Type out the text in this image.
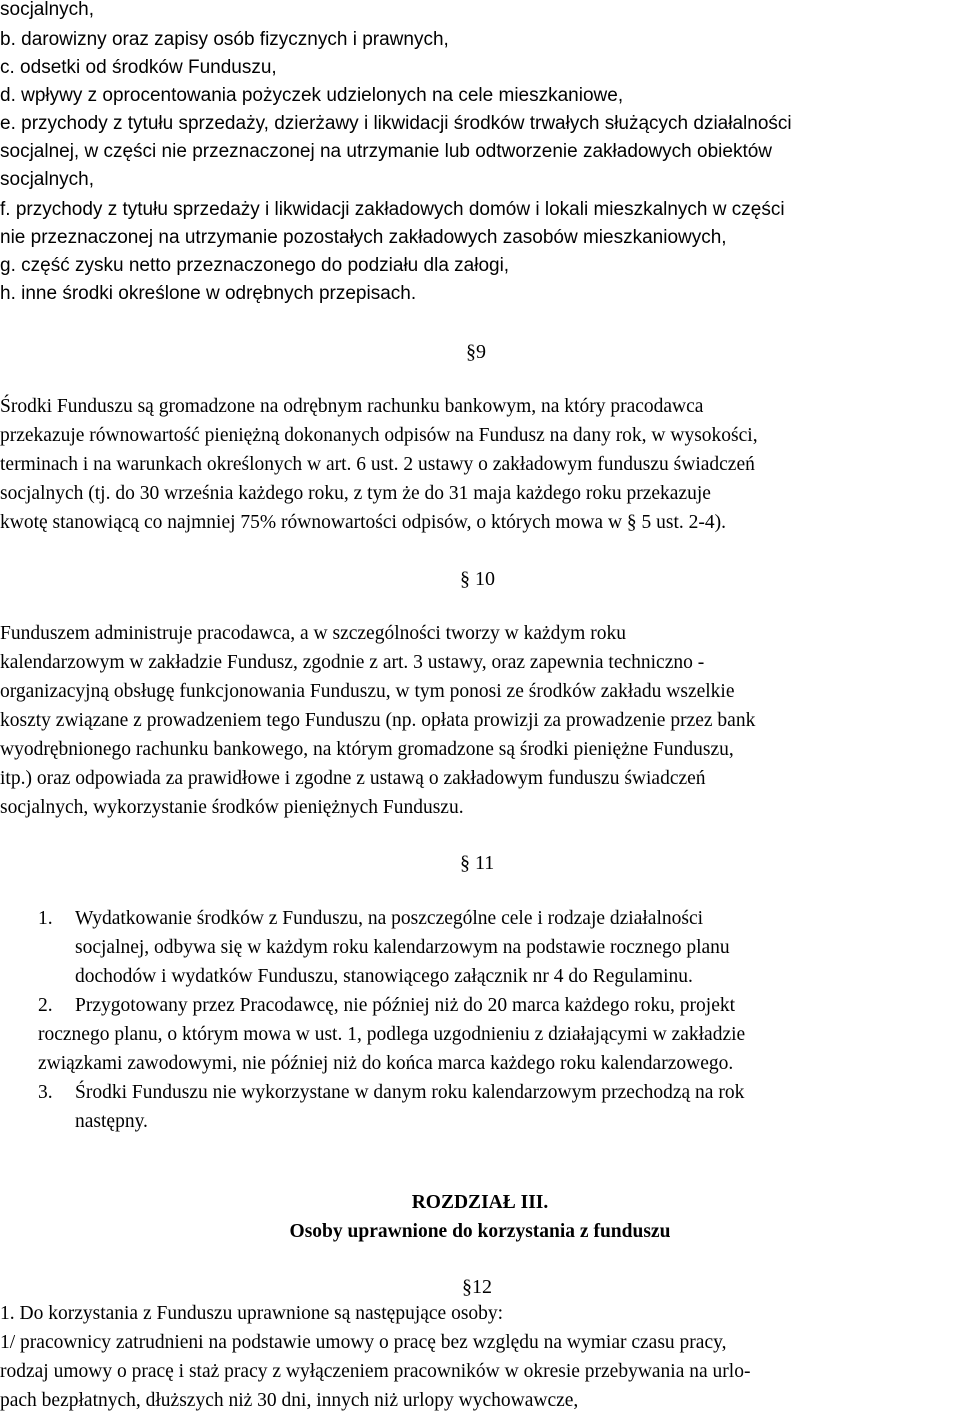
socjalnych,
b. darowizny oraz zapisy osób fizycznych i prawnych,
c. odsetki od środków Funduszu,
d. wpływy z oprocentowania pożyczek udzielonych na cele mieszkaniowe,
e. przychody z tytułu sprzedaży, dzierżawy i likwidacji środków trwałych służących działalności
socjalnej, w części nie przeznaczonej na utrzymanie lub odtworzenie zakładowych obiektów
socjalnych,
f. przychody z tytułu sprzedaży i likwidacji zakładowych domów i lokali mieszkalnych w części
nie przeznaczonej na utrzymanie pozostałych zakładowych zasobów mieszkaniowych,
g. część zysku netto przeznaczonego do podziału dla załogi,
h. inne środki określone w odrębnych przepisach.
§9
Środki Funduszu są gromadzone na odrębnym rachunku bankowym, na który pracodawca
przekazuje równowartość pieniężną dokonanych odpisów na Fundusz na dany rok, w wysokości,
terminach i na warunkach określonych w art. 6 ust. 2 ustawy o zakładowym funduszu świadczeń
socjalnych (tj. do 30 września każdego roku, z tym że do 31 maja każdego roku przekazuje
kwotę stanowiącą co najmniej 75% równowartości odpisów, o których mowa w § 5 ust. 2-4).
§ 10
Funduszem administruje pracodawca, a w szczególności tworzy w każdym roku
kalendarzowym w zakładzie Fundusz, zgodnie z art. 3 ustawy, oraz zapewnia techniczno -
organizacyjną obsługę funkcjonowania Funduszu, w tym ponosi ze środków zakładu wszelkie
koszty związane z prowadzeniem tego Funduszu (np. opłata prowizji za prowadzenie przez bank
wyodrębnionego rachunku bankowego, na którym gromadzone są środki pieniężne Funduszu,
itp.) oraz odpowiada za prawidłowe i zgodne z ustawą o zakładowym funduszu świadczeń
socjalnych, wykorzystanie środków pieniężnych Funduszu.
§ 11
1. Wydatkowanie środków z Funduszu, na poszczególne cele i rodzaje działalności
socjalnej, odbywa się w każdym roku kalendarzowym na podstawie rocznego planu
dochodów i wydatków Funduszu, stanowiącego załącznik nr 4 do Regulaminu.
2. Przygotowany przez Pracodawcę, nie później niż do 20 marca każdego roku, projekt
rocznego planu, o którym mowa w ust. 1, podlega uzgodnieniu z działającymi w zakładzie
związkami zawodowymi, nie później niż do końca marca każdego roku kalendarzowego.
3. Środki Funduszu nie wykorzystane w danym roku kalendarzowym przechodzą na rok
następny.
ROZDZIAŁ III.
Osoby uprawnione do korzystania z funduszu
§12
1. Do korzystania z Funduszu uprawnione są następujące osoby:
1/ pracownicy zatrudnieni na podstawie umowy o pracę bez względu na wymiar czasu pracy,
rodzaj umowy o pracę i staż pracy z wyłączeniem pracowników w okresie przebywania na urlo-
pach bezpłatnych, dłuższych niż 30 dni, innych niż urlopy wychowawcze,
